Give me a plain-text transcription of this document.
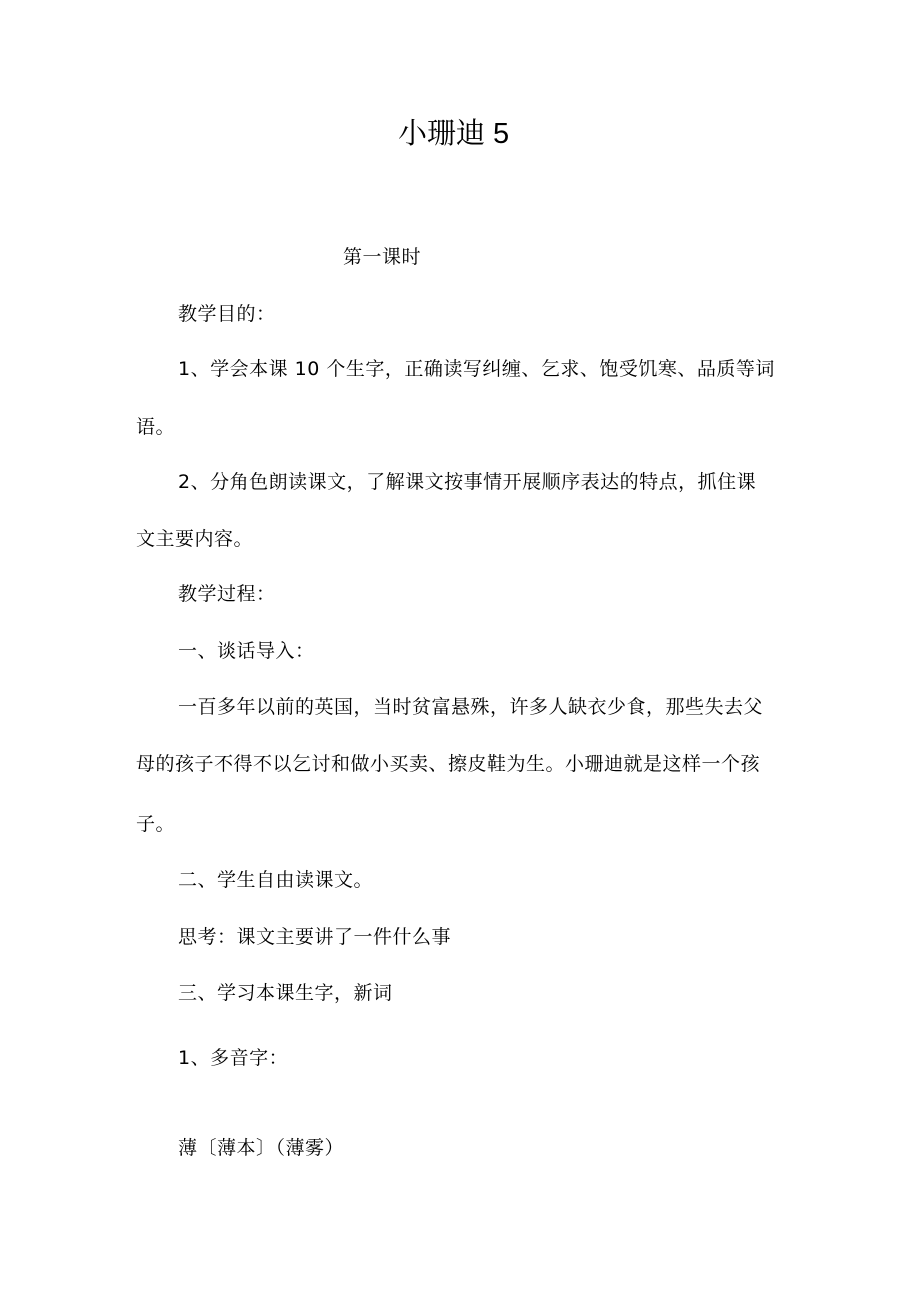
小珊迪 5
第一课时
教学目的：
1、学会本课 10 个生字，正确读写纠缠、乞求、饱受饥寒、品质等词
语。
2、分角色朗读课文，了解课文按事情开展顺序表达的特点，抓住课
文主要内容。
教学过程：
一、谈话导入：
一百多年以前的英国，当时贫富悬殊，许多人缺衣少食，那些失去父
母的孩子不得不以乞讨和做小买卖、擦皮鞋为生。小珊迪就是这样一个孩
子。
二、学生自由读课文。
思考：课文主要讲了一件什么事
三、学习本课生字，新词
1、多音字：
薄〔薄本〕（薄雾）
